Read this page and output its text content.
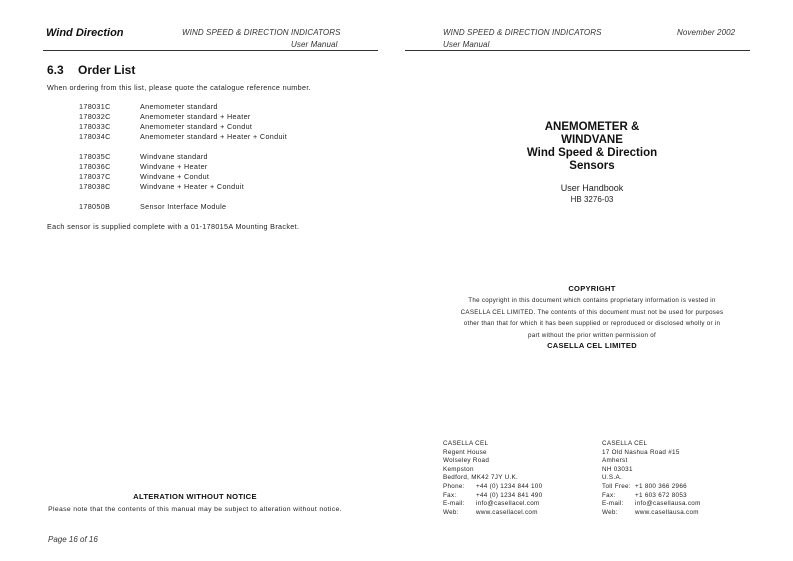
Wind Direction	WIND SPEED & DIRECTION INDICATORS
User Manual
6.3 Order List
When ordering from this list, please quote the catalogue reference number.
178031C	Anemometer standard
178032C	Anemometer standard + Heater
178033C	Anemometer standard + Condut
178034C	Anemometer standard + Heater + Conduit
178035C	Windvane standard
178036C	Windvane + Heater
178037C	Windvane + Condut
178038C	Windvane + Heater + Conduit
178050B	Sensor Interface Module
Each sensor is supplied complete with a 01-178015A Mounting Bracket.
ALTERATION WITHOUT NOTICE
Please note that the contents of this manual may be subject to alteration without notice.
Page 16 of 16
WIND SPEED & DIRECTION INDICATORS
User Manual
November 2002
ANEMOMETER &
WINDVANE
Wind Speed & Direction
Sensors
User Handbook
HB 3276-03
COPYRIGHT
The copyright in this document which contains proprietary information is vested in
CASELLA CEL LIMITED. The contents of this document must not be used for purposes
other than that for which it has been supplied or reproduced or disclosed wholly or in
part without the prior written permission of
CASELLA CEL LIMITED
CASELLA CEL
Regent House
Wolseley Road
Kempston
Bedford, MK42 7JY U.K.
Phone:	+44 (0) 1234 844 100
Fax:	+44 (0) 1234 841 490
E-mail:	info@casellacel.com
Web:	www.casellacel.com
CASELLA CEL
17 Old Nashua Road #15
Amherst
NH 03031
U.S.A.
Toll Free: +1 800 366 2966
Fax:	+1 603 672 8053
E-mail:	info@casellausa.com
Web:	www.casellausa.com
